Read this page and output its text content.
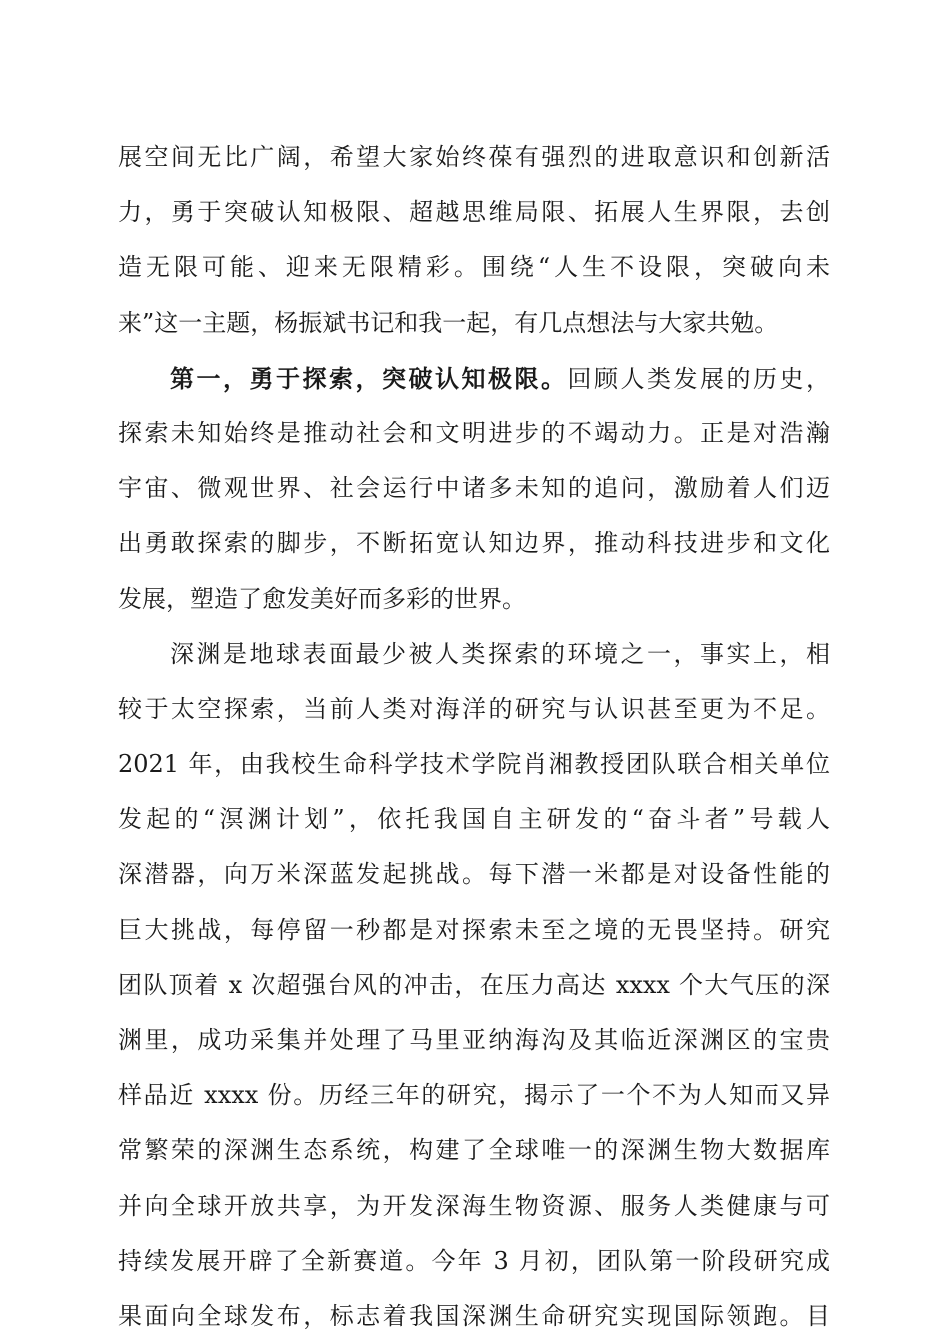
展空间无比广阔，希望大家始终葆有强烈的进取意识和创新活
力，勇于突破认知极限、超越思维局限、拓展人生界限，去创
造无限可能、迎来无限精彩。围绕“人生不设限，突破向未
来”这一主题，杨振斌书记和我一起，有几点想法与大家共勉。
第一，勇于探索，突破认知极限。回顾人类发展的历史，
探索未知始终是推动社会和文明进步的不竭动力。正是对浩瀚
宇宙、微观世界、社会运行中诸多未知的追问，激励着人们迈
出勇敢探索的脚步，不断拓宽认知边界，推动科技进步和文化
发展，塑造了愈发美好而多彩的世界。
深渊是地球表面最少被人类探索的环境之一，事实上，相
较于太空探索，当前人类对海洋的研究与认识甚至更为不足。
2021 年，由我校生命科学技术学院肖湘教授团队联合相关单位
发起的“溟渊计划”，依托我国自主研发的“奋斗者”号载人
深潜器，向万米深蓝发起挑战。每下潜一米都是对设备性能的
巨大挑战，每停留一秒都是对探索未至之境的无畏坚持。研究
团队顶着 x 次超强台风的冲击，在压力高达 xxxx 个大气压的深
渊里，成功采集并处理了马里亚纳海沟及其临近深渊区的宝贵
样品近 xxxx 份。历经三年的研究，揭示了一个不为人知而又异
常繁荣的深渊生态系统，构建了全球唯一的深渊生物大数据库
并向全球开放共享，为开发深海生物资源、服务人类健康与可
持续发展开辟了全新赛道。今年 3 月初，团队第一阶段研究成
果面向全球发布，标志着我国深渊生命研究实现国际领跑。目
